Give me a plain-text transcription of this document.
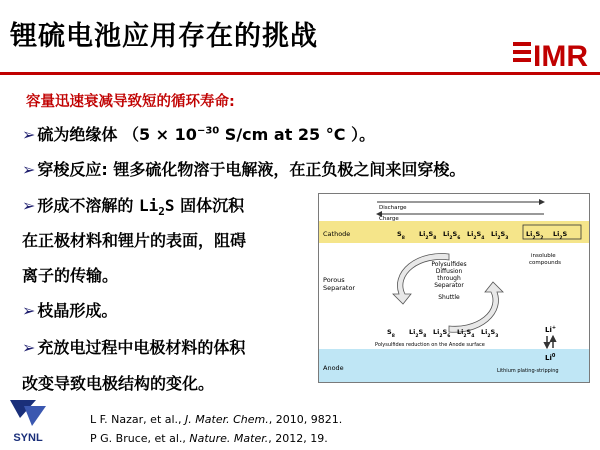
锂硫电池应用存在的挑战
IMR
容量迅速衰减导致短的循环寿命:
➢ 硫为绝缘体 （$5 \times 10^{-30}$ S/cm at 25 °C ）。
➢ 穿梭反应: 锂多硫化物溶于电解液，在正负极之间来回穿梭。
➢ 形成不溶解的 $Li_2S$ 固体沉积
在正极材料和锂片的表面，阻碍
离子的传输。
➢ 枝晶形成。
➢ 充放电过程中电极材料的体积
改变导致电极结构的变化。
Discharge
Charge
Cathode
Porous
Separator
Anode
$S_8$ $Li_2S_8$ $Li_2S_6$ $Li_2S_4$ $Li_2S_3$	$Li_2S_2$ $Li_2S$
insoluble
compounds
Polysulfides
Diffusion
through
Separator
Shuttle
$S_8$ $Li_2S_8$ $Li_2S_6$ $Li_2S_4$ $Li_2S_3$
Polysulfides reduction on the Anode surface
Li+
Li$^0$
Lithium plating-stripping
L F. Nazar, et al., J. Mater. Chem., 2010, 9821.
P G. Bruce, et al., Nature. Mater., 2012, 19.
SYNL
